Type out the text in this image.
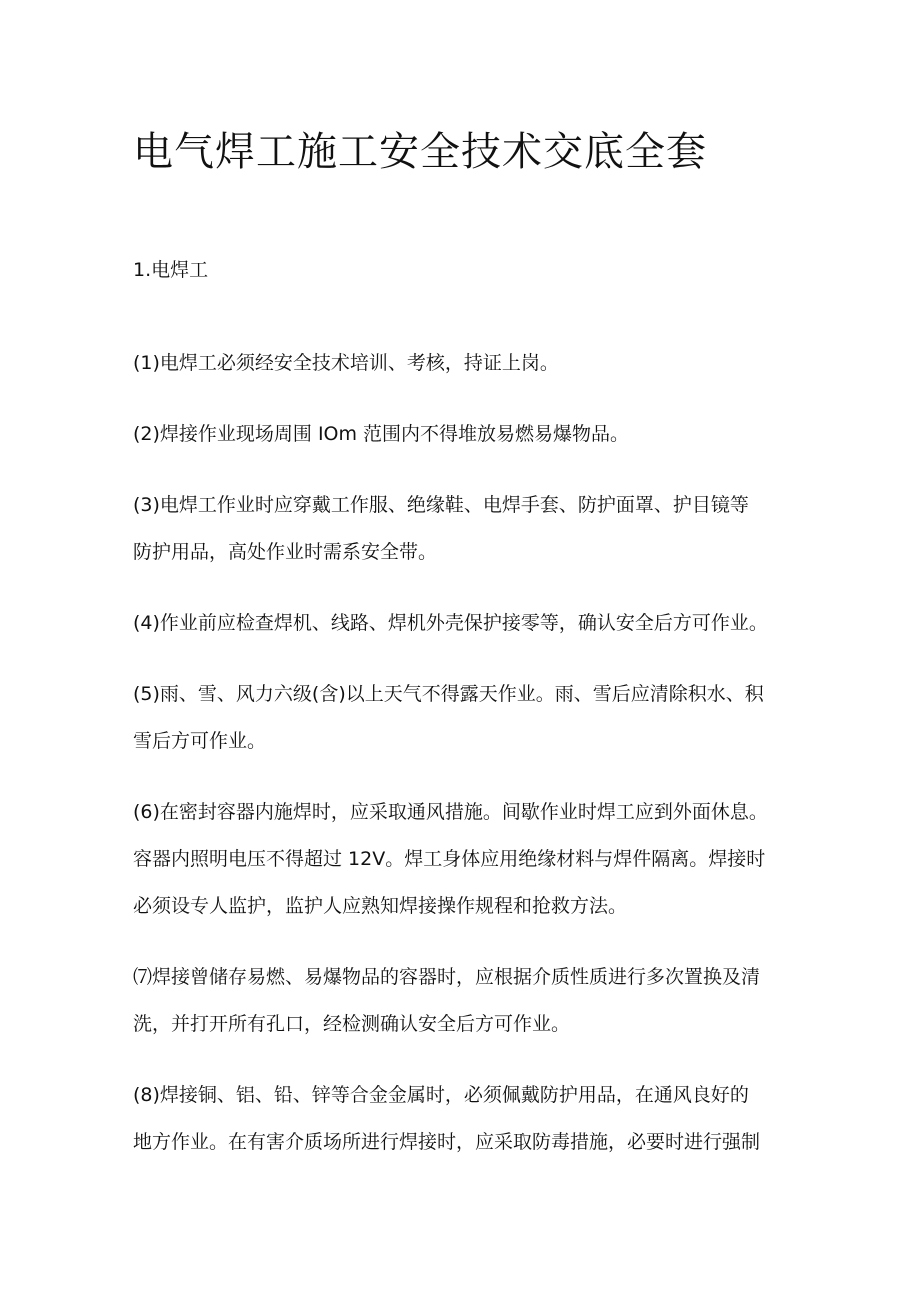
电气焊工施工安全技术交底全套
1.电焊工

(1)电焊工必须经安全技术培训、考核，持证上岗。

(2)焊接作业现场周围 IOm 范围内不得堆放易燃易爆物品。

(3)电焊工作业时应穿戴工作服、绝缘鞋、电焊手套、防护面罩、护目镜等
防护用品，高处作业时需系安全带。

(4)作业前应检查焊机、线路、焊机外壳保护接零等，确认安全后方可作业。

(5)雨、雪、风力六级(含)以上天气不得露天作业。雨、雪后应清除积水、积
雪后方可作业。

(6)在密封容器内施焊时，应采取通风措施。间歇作业时焊工应到外面休息。
容器内照明电压不得超过 12V。焊工身体应用绝缘材料与焊件隔离。焊接时
必须设专人监护，监护人应熟知焊接操作规程和抢救方法。

⑺焊接曾储存易燃、易爆物品的容器时，应根据介质性质进行多次置换及清
洗，并打开所有孔口，经检测确认安全后方可作业。

(8)焊接铜、铝、铅、锌等合金金属时，必须佩戴防护用品，在通风良好的
地方作业。在有害介质场所进行焊接时，应采取防毒措施，必要时进行强制
